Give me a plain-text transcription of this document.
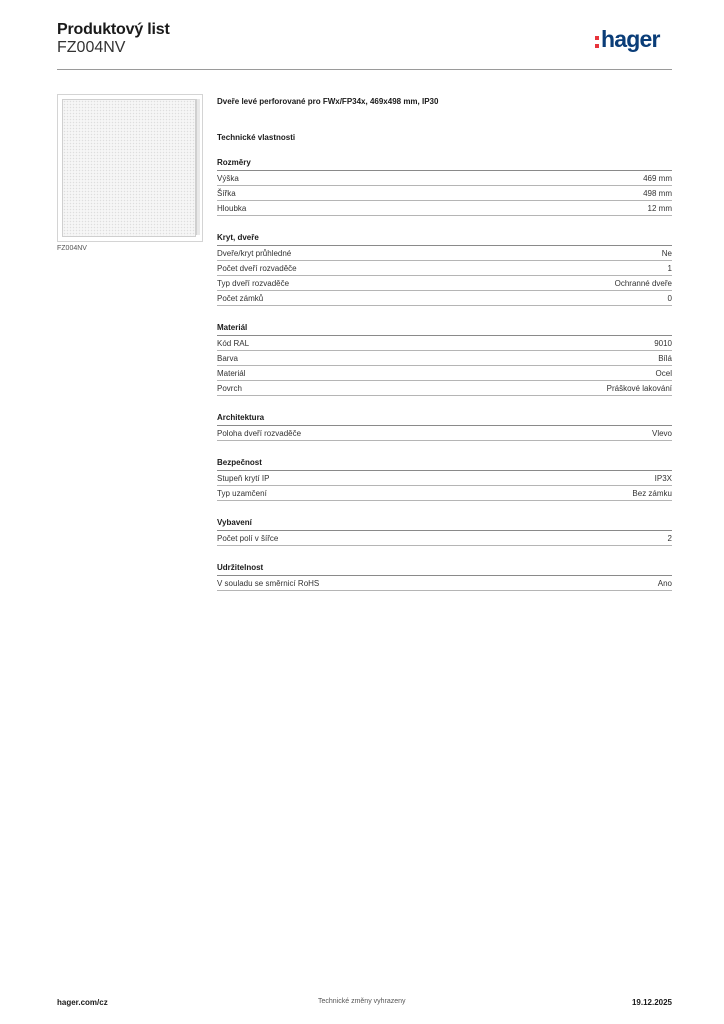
Produktový list
FZ004NV	hager
FZ004NV
Dveře levé perforované pro FWx/FP34x, 469x498 mm, IP30
Technické vlastnosti
Rozměry
Výška	469 mm
Šířka	498 mm
Hloubka	12 mm
Kryt, dveře
Dveře/kryt průhledné	Ne
Počet dveří rozvaděče	1
Typ dveří rozvaděče	Ochranné dveře
Počet zámků	0
Materiál
Kód RAL	9010
Barva	Bílá
Materiál	Ocel
Povrch	Práškové lakování
Architektura
Poloha dveří rozvaděče	Vlevo
Bezpečnost
Stupeň krytí IP	IP3X
Typ uzamčení	Bez zámku
Vybavení
Počet polí v šířce	2
Udržitelnost
V souladu se směrnicí RoHS	Ano
hager.com/cz	Technické změny vyhrazeny	19.12.2025
